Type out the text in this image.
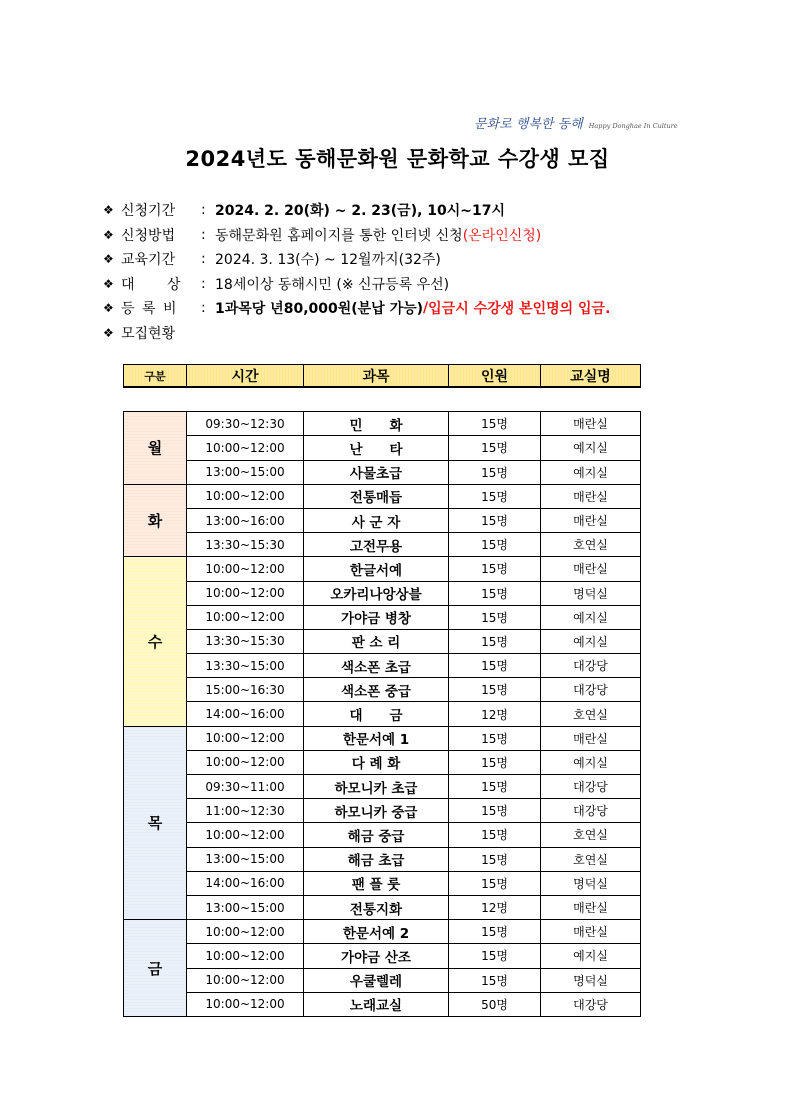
문화로 행복한 동해 Happy Donghae In Culture
2024년도 동해문화원 문화학교 수강생 모집
❖ 신청기간	: 2024. 2. 20(화) ~ 2. 23(금), 10시~17시
❖ 신청방법	: 동해문화원 홈페이지를 통한 인터넷 신청 (온라인신청)
❖ 교육기간	: 2024. 3. 13(수) ~ 12월까지(32주)
❖ 대 상	: 18세이상 동해시민 (※ 신규등록 우선)
❖ 등 록 비	: 1과목당 년80,000원(분납 가능) / 입금시 수강생 본인명의 입금.
❖ 모집현황
구분	시간	과목	인원	교실명

월	09:30~12:30	민　　화	15명	매란실
	10:00~12:00	난　　타	15명	예지실
	13:00~15:00	사물초급	15명	예지실
화	10:00~12:00	전통매듭	15명	매란실
	13:00~16:00	사 군 자	15명	매란실
	13:30~15:30	고전무용	15명	호연실
수	10:00~12:00	한글서예	15명	매란실
	10:00~12:00	오카리나앙상블	15명	명덕실
	10:00~12:00	가야금 병창	15명	예지실
	13:30~15:30	판 소 리	15명	예지실
	13:30~15:00	색소폰 초급	15명	대강당
	15:00~16:30	색소폰 중급	15명	대강당
	14:00~16:00	대　　금	12명	호연실
목	10:00~12:00	한문서예 1	15명	매란실
	10:00~12:00	다 례 화	15명	예지실
	09:30~11:00	하모니카 초급	15명	대강당
	11:00~12:30	하모니카 중급	15명	대강당
	10:00~12:00	해금 중급	15명	호연실
	13:00~15:00	해금 초급	15명	호연실
	14:00~16:00	팬 플 룻	15명	명덕실
	13:00~15:00	전통지화	12명	매란실
금	10:00~12:00	한문서예 2	15명	매란실
	10:00~12:00	가야금 산조	15명	예지실
	10:00~12:00	우쿨렐레	15명	명덕실
	10:00~12:00	노래교실	50명	대강당
